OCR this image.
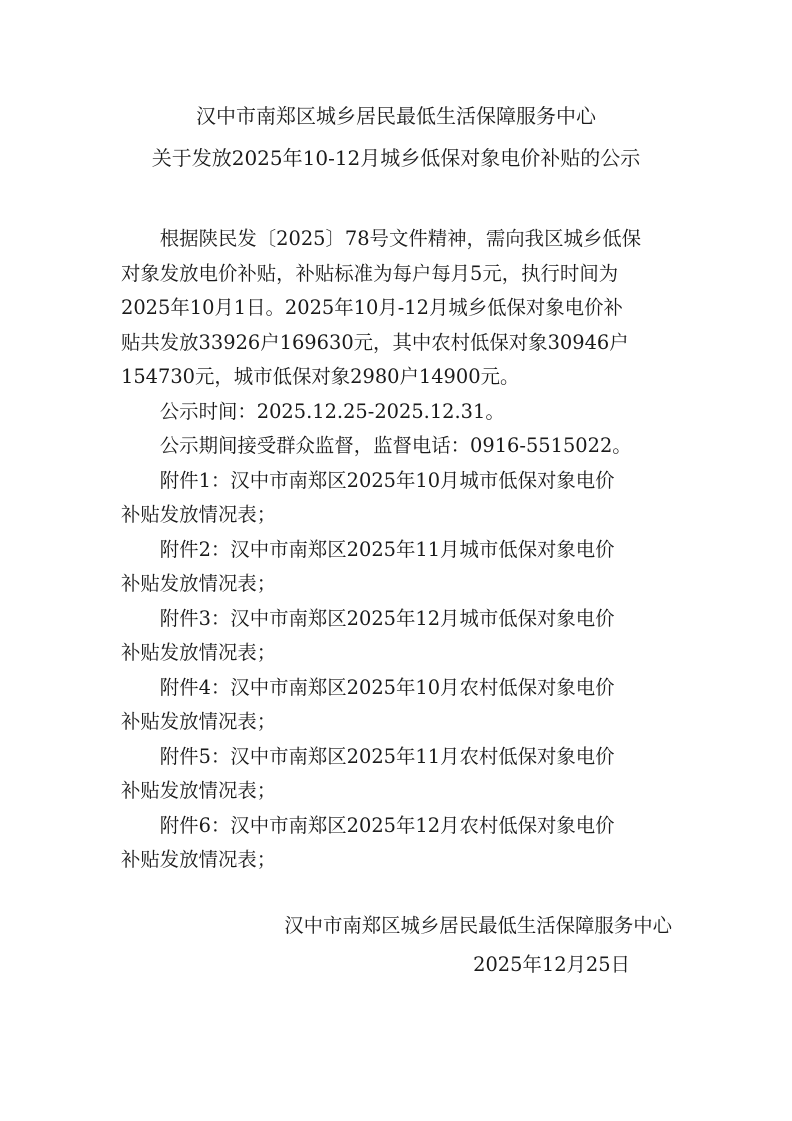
汉中市南郑区城乡居民最低生活保障服务中心
关于发放2025年10-12月城乡低保对象电价补贴的公示

根据陕民发〔2025〕78号文件精神，需向我区城乡低保

对象发放电价补贴，补贴标准为每户每月5元，执行时间为

2025年10月1日。2025年10月-12月城乡低保对象电价补

贴共发放33926户169630元，其中农村低保对象30946户

154730元，城市低保对象2980户14900元。

公示时间：2025.12.25-2025.12.31。

公示期间接受群众监督，监督电话：0916-5515022。

附件1：汉中市南郑区2025年10月城市低保对象电价

补贴发放情况表；

附件2：汉中市南郑区2025年11月城市低保对象电价

补贴发放情况表；

附件3：汉中市南郑区2025年12月城市低保对象电价

补贴发放情况表；

附件4：汉中市南郑区2025年10月农村低保对象电价

补贴发放情况表；

附件5：汉中市南郑区2025年11月农村低保对象电价

补贴发放情况表；

附件6：汉中市南郑区2025年12月农村低保对象电价

补贴发放情况表；

汉中市南郑区城乡居民最低生活保障服务中心
2025年12月25日
